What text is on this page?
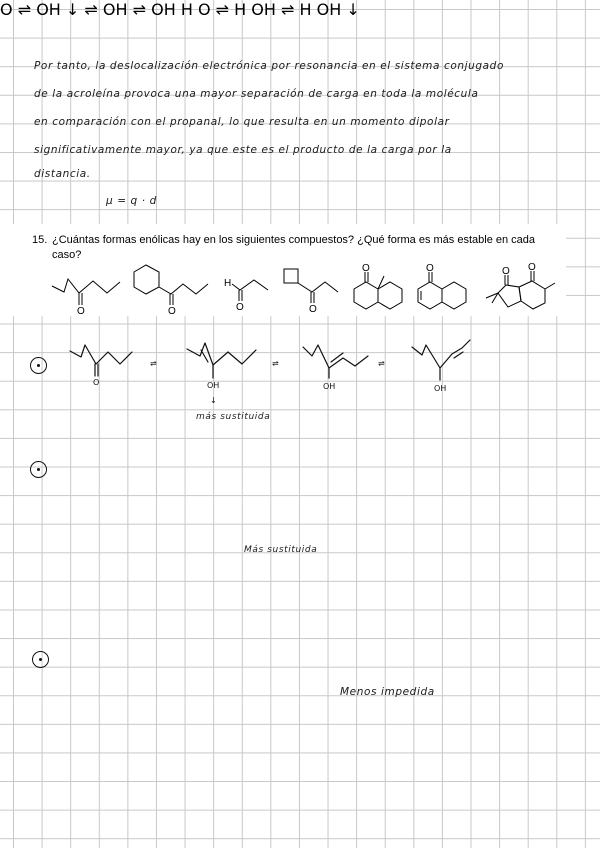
Por tanto, la deslocalización electrónica por resonancia en el sistema conjugado
de la acroleína provoca una mayor separación de carga en toda la molécula
en comparación con el propanal, lo que resulta en un momento dipolar
significativamente mayor, ya que este es el producto de la carga por la
distancia.
μ = q · d
15. ¿Cuántas formas enólicas hay en los siguientes compuestos? ¿Qué forma es más estable en cada caso?
O	O
H
O	O
O	O	O O
O
⇌
OH
↓
⇌
OH
⇌
OH
O ⇌ OH ↓ ⇌ OH ⇌ OH H O ⇌ H OH ⇌ H OH ↓
más sustituida
Más sustituida
Menos impedida
